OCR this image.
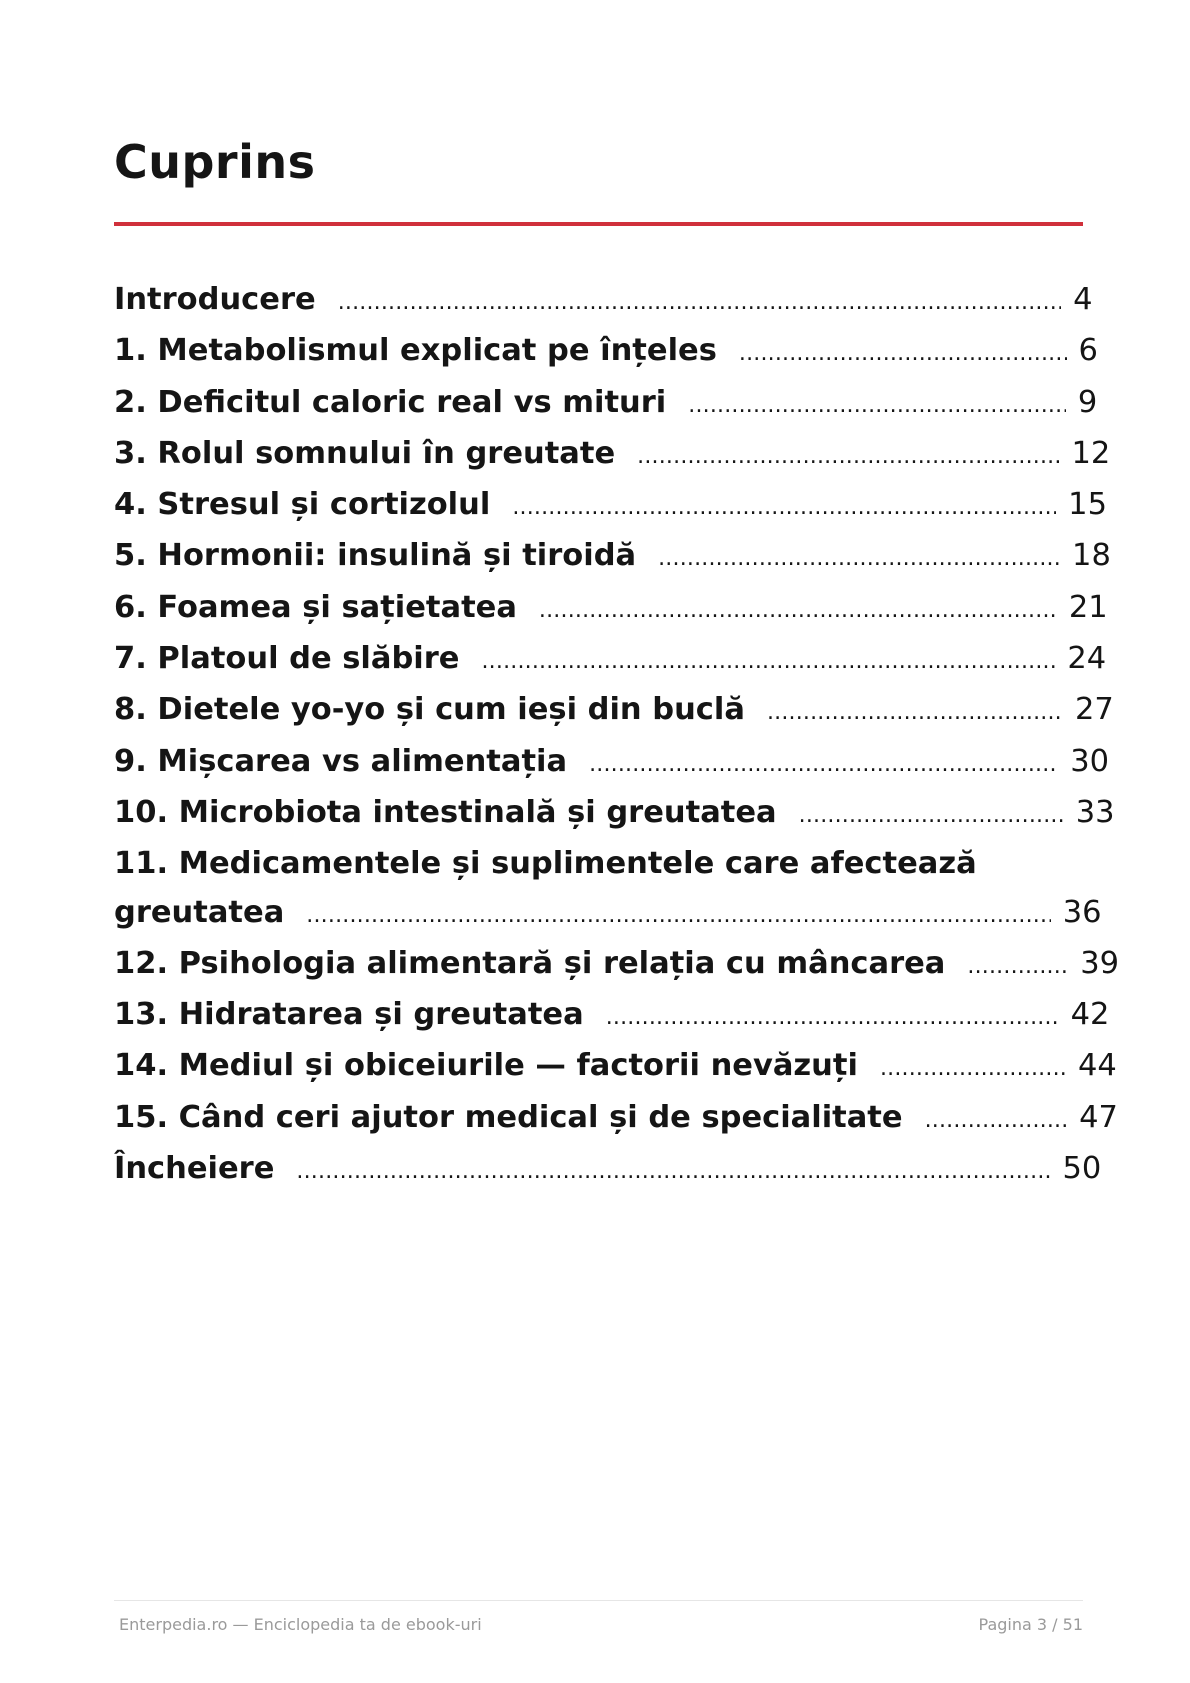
Cuprins
Introducere .....	4
1. Metabolismul explicat pe înțeles .....	6
2. Deficitul caloric real vs mituri .....	9
3. Rolul somnului în greutate .....	12
4. Stresul și cortizolul .....	15
5. Hormonii: insulină și tiroidă .....	18
6. Foamea și sațietatea .....	21
7. Platoul de slăbire .....	24
8. Dietele yo-yo și cum ieși din buclă .....	27
9. Mișcarea vs alimentația .....	30
10. Microbiota intestinală și greutatea .....	33
11. Medicamentele și suplimentele care afectează
greutatea .....	36
12. Psihologia alimentară și relația cu mâncarea .....	39
13. Hidratarea și greutatea .....	42
14. Mediul și obiceiurile — factorii nevăzuți .....	44
15. Când ceri ajutor medical și de specialitate .....	47
Încheiere .....	50
Enterpedia.ro — Enciclopedia ta de ebook-uri	Pagina 3 / 51
